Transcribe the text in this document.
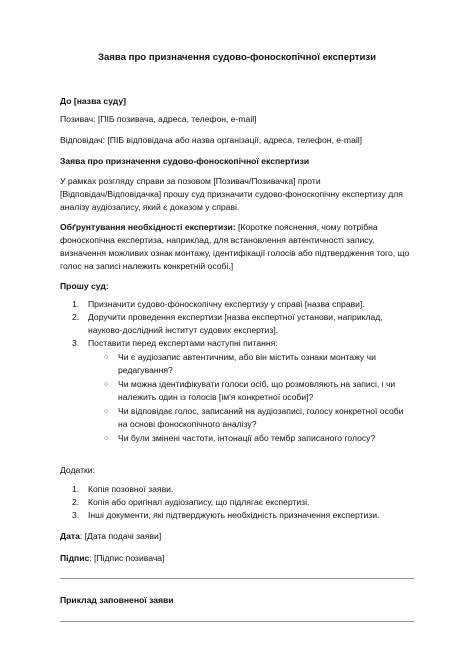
Заява про призначення судово-фоноскопічної експертизи

До [назва суду]

Позивач: [ПІБ позивача, адреса, телефон, e-mail]

Відповідач: [ПІБ відповідача або назва організації, адреса, телефон, e-mail]

Заява про призначення судово-фоноскопічної експертизи

У рамках розгляду справи за позовом [Позивач/Позивачка] проти

[Відповідач/Відповідачка] прошу суд призначити судово-фоноскопічну експертизу для

аналізу аудіозапису, який є доказом у справі.

Обґрунтування необхідності експертизи: [Коротке пояснення, чому потрібна

фоноскопічна експертиза, наприклад, для встановлення автентичності запису,

визначення можливих ознак монтажу, ідентифікації голосів або підтвердження того, що

голос на записі належить конкретній особі.]

Прошу суд:

1. Призначити судово-фоноскопічну експертизу у справі [назва справи].
2. Доручити проведення експертизи [назва експертної установи, наприклад,
науково-дослідний інститут судових експертиз].
3. Поставити перед експертами наступні питання:
○ Чи є аудіозапис автентичним, або він містить ознаки монтажу чи
редагування?
○ Чи можна ідентифікувати голоси осіб, що розмовляють на записі, і чи
належить один із голосів [ім'я конкретної особи]?
○ Чи відповідає голос, записаний на аудіозаписі, голосу конкретної особи
на основі фоноскопічного аналізу?
○ Чи були змінені частоти, інтонації або тембр записаного голосу?

Додатки:

1. Копія позовної заяви.
2. Копія або оригінал аудіозапису, що підлягає експертизі.
3. Інші документи, які підтверджують необхідність призначення експертизи.

Дата: [Дата подачі заяви]

Підпис: [Підпис позивача]

Приклад заповненої заяви
